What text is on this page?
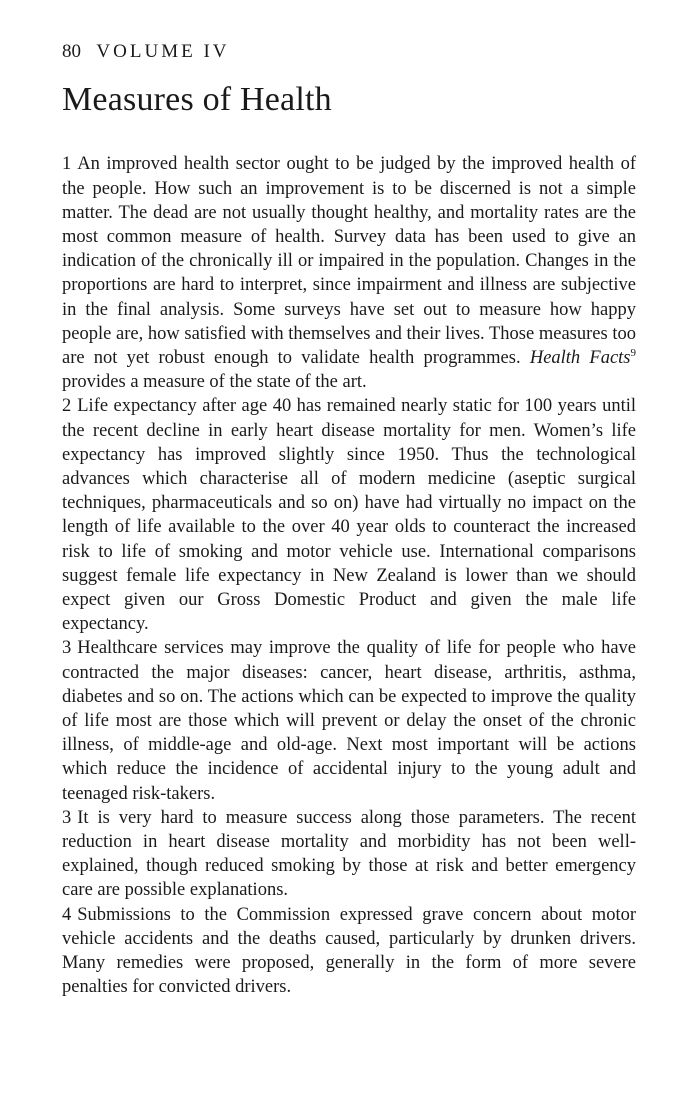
80 VOLUME IV
Measures of Health

1 An improved health sector ought to be judged by the improved health of the people. How such an improvement is to be discerned is not a simple matter. The dead are not usually thought healthy, and mortality rates are the most common measure of health. Survey data has been used to give an indication of the chronically ill or impaired in the population. Changes in the proportions are hard to interpret, since impairment and illness are subjective in the final analysis. Some surveys have set out to measure how happy people are, how satisfied with themselves and their lives. Those measures too are not yet robust enough to validate health programmes. Health Facts$^9$ provides a measure of the state of the art.

2 Life expectancy after age 40 has remained nearly static for 100 years until the recent decline in early heart disease mortality for men. Women’s life expectancy has improved slightly since 1950. Thus the technological advances which characterise all of modern medicine (aseptic surgical techniques, pharmaceuticals and so on) have had virtually no impact on the length of life available to the over 40 year olds to counteract the increased risk to life of smoking and motor vehicle use. International comparisons suggest female life expectancy in New Zealand is lower than we should expect given our Gross Domestic Product and given the male life expectancy.

3 Healthcare services may improve the quality of life for people who have contracted the major diseases: cancer, heart disease, arthritis, asthma, diabetes and so on. The actions which can be expected to improve the quality of life most are those which will prevent or delay the onset of the chronic illness, of middle-age and old-age. Next most important will be actions which reduce the incidence of accidental injury to the young adult and teenaged risk-takers.

3 It is very hard to measure success along those parameters. The recent reduction in heart disease mortality and morbidity has not been well-explained, though reduced smoking by those at risk and better emergency care are possible explanations.

4 Submissions to the Commission expressed grave concern about motor vehicle accidents and the deaths caused, particularly by drunken drivers. Many remedies were proposed, generally in the form of more severe penalties for convicted drivers.
